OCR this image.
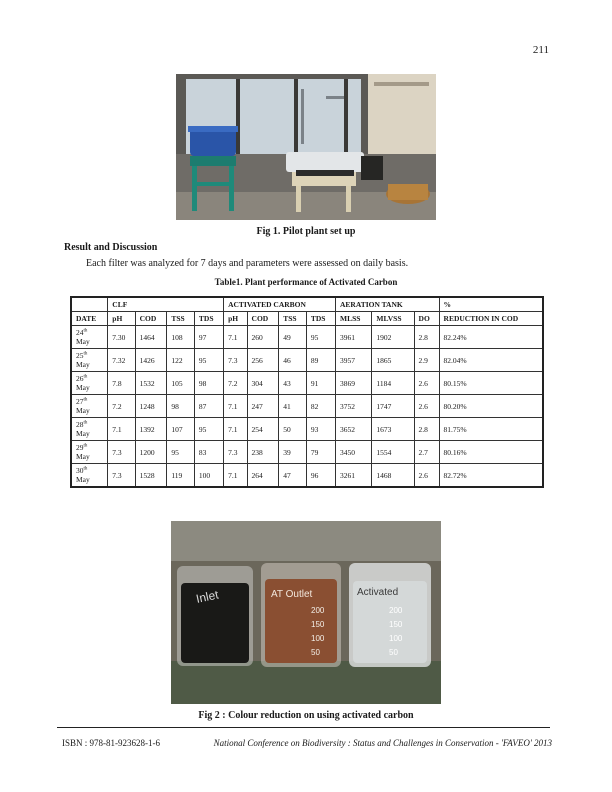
211
Fig 1. Pilot plant set up
Result and Discussion
Each filter was analyzed for 7 days and parameters were assessed on daily basis.
Table1. Plant performance of Activated Carbon
	CLF				ACTIVATED CARBON				AERATION TANK			%
DATE	pH	COD	TSS	TDS	pH	COD	TSS	TDS	MLSS	MLVSS	DO	REDUCTION IN COD
24th
May	7.30	1464	108	97	7.1	260	49	95	3961	1902	2.8	82.24%
25th
May	7.32	1426	122	95	7.3	256	46	89	3957	1865	2.9	82.04%
26th
May	7.8	1532	105	98	7.2	304	43	91	3869	1184	2.6	80.15%
27th
May	7.2	1248	98	87	7.1	247	41	82	3752	1747	2.6	80.20%
28th
May	7.1	1392	107	95	7.1	254	50	93	3652	1673	2.8	81.75%
29th
May	7.3	1200	95	83	7.3	238	39	79	3450	1554	2.7	80.16%
30th
May	7.3	1528	119	100	7.1	264	47	96	3261	1468	2.6	82.72%
Inlet	AT Outlet	Activated
200
150
100
50
200
150
100
50
Fig 2 : Colour reduction on using activated carbon
ISBN : 978-81-923628-1-6	National Conference on Biodiversity : Status and Challenges in Conservation - 'FAVEO' 2013
